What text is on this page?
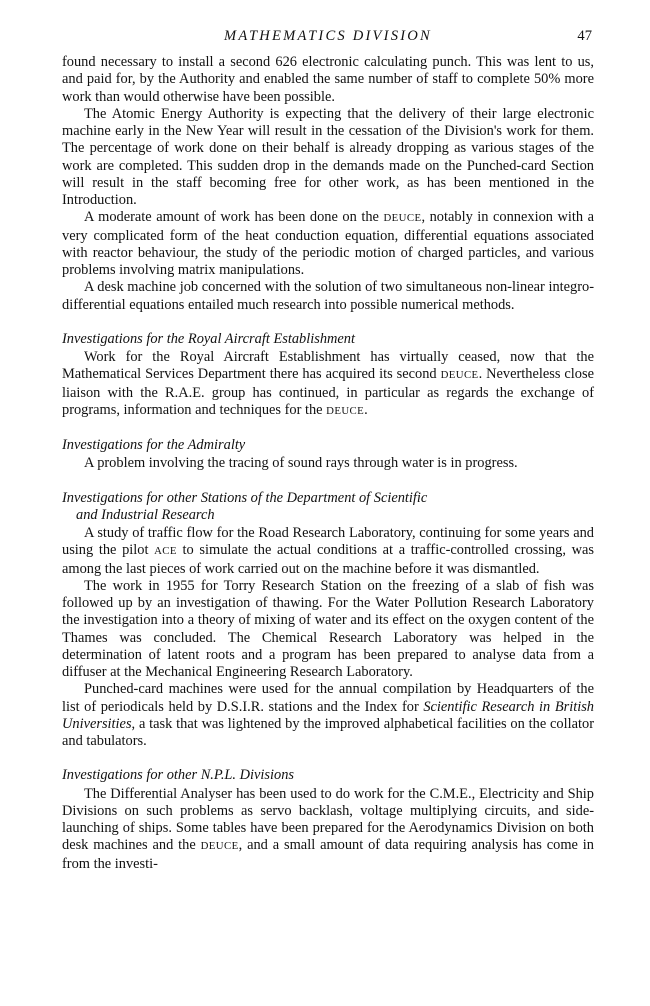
MATHEMATICS DIVISION	47

found necessary to install a second 626 electronic calculating punch. This was lent to us, and paid for, by the Authority and enabled the same number of staff to complete 50% more work than would otherwise have been possible.

The Atomic Energy Authority is expecting that the delivery of their large electronic machine early in the New Year will result in the cessation of the Division's work for them. The percentage of work done on their behalf is already dropping as various stages of the work are completed. This sudden drop in the demands made on the Punched-card Section will result in the staff becoming free for other work, as has been mentioned in the Introduction.

A moderate amount of work has been done on the DEUCE, notably in connexion with a very complicated form of the heat conduction equation, differential equations associated with reactor behaviour, the study of the periodic motion of charged particles, and various problems involving matrix manipulations.

A desk machine job concerned with the solution of two simultaneous non-linear integro-differential equations entailed much research into possible numerical methods.

Investigations for the Royal Aircraft Establishment

Work for the Royal Aircraft Establishment has virtually ceased, now that the Mathematical Services Department there has acquired its second DEUCE. Nevertheless close liaison with the R.A.E. group has continued, in particular as regards the exchange of programs, information and techniques for the DEUCE.

Investigations for the Admiralty

A problem involving the tracing of sound rays through water is in progress.

Investigations for other Stations of the Department of Scientific
and Industrial Research

A study of traffic flow for the Road Research Laboratory, continuing for some years and using the pilot ACE to simulate the actual conditions at a traffic-controlled crossing, was among the last pieces of work carried out on the machine before it was dismantled.

The work in 1955 for Torry Research Station on the freezing of a slab of fish was followed up by an investigation of thawing. For the Water Pollution Research Laboratory the investigation into a theory of mixing of water and its effect on the oxygen content of the Thames was concluded. The Chemical Research Laboratory was helped in the determination of latent roots and a program has been prepared to analyse data from a diffuser at the Mechanical Engineering Research Laboratory.

Punched-card machines were used for the annual compilation by Headquarters of the list of periodicals held by D.S.I.R. stations and the Index for Scientific Research in British Universities, a task that was lightened by the improved alphabetical facilities on the collator and tabulators.

Investigations for other N.P.L. Divisions

The Differential Analyser has been used to do work for the C.M.E., Electricity and Ship Divisions on such problems as servo backlash, voltage multiplying circuits, and side-launching of ships. Some tables have been prepared for the Aerodynamics Division on both desk machines and the DEUCE, and a small amount of data requiring analysis has come in from the investi-
